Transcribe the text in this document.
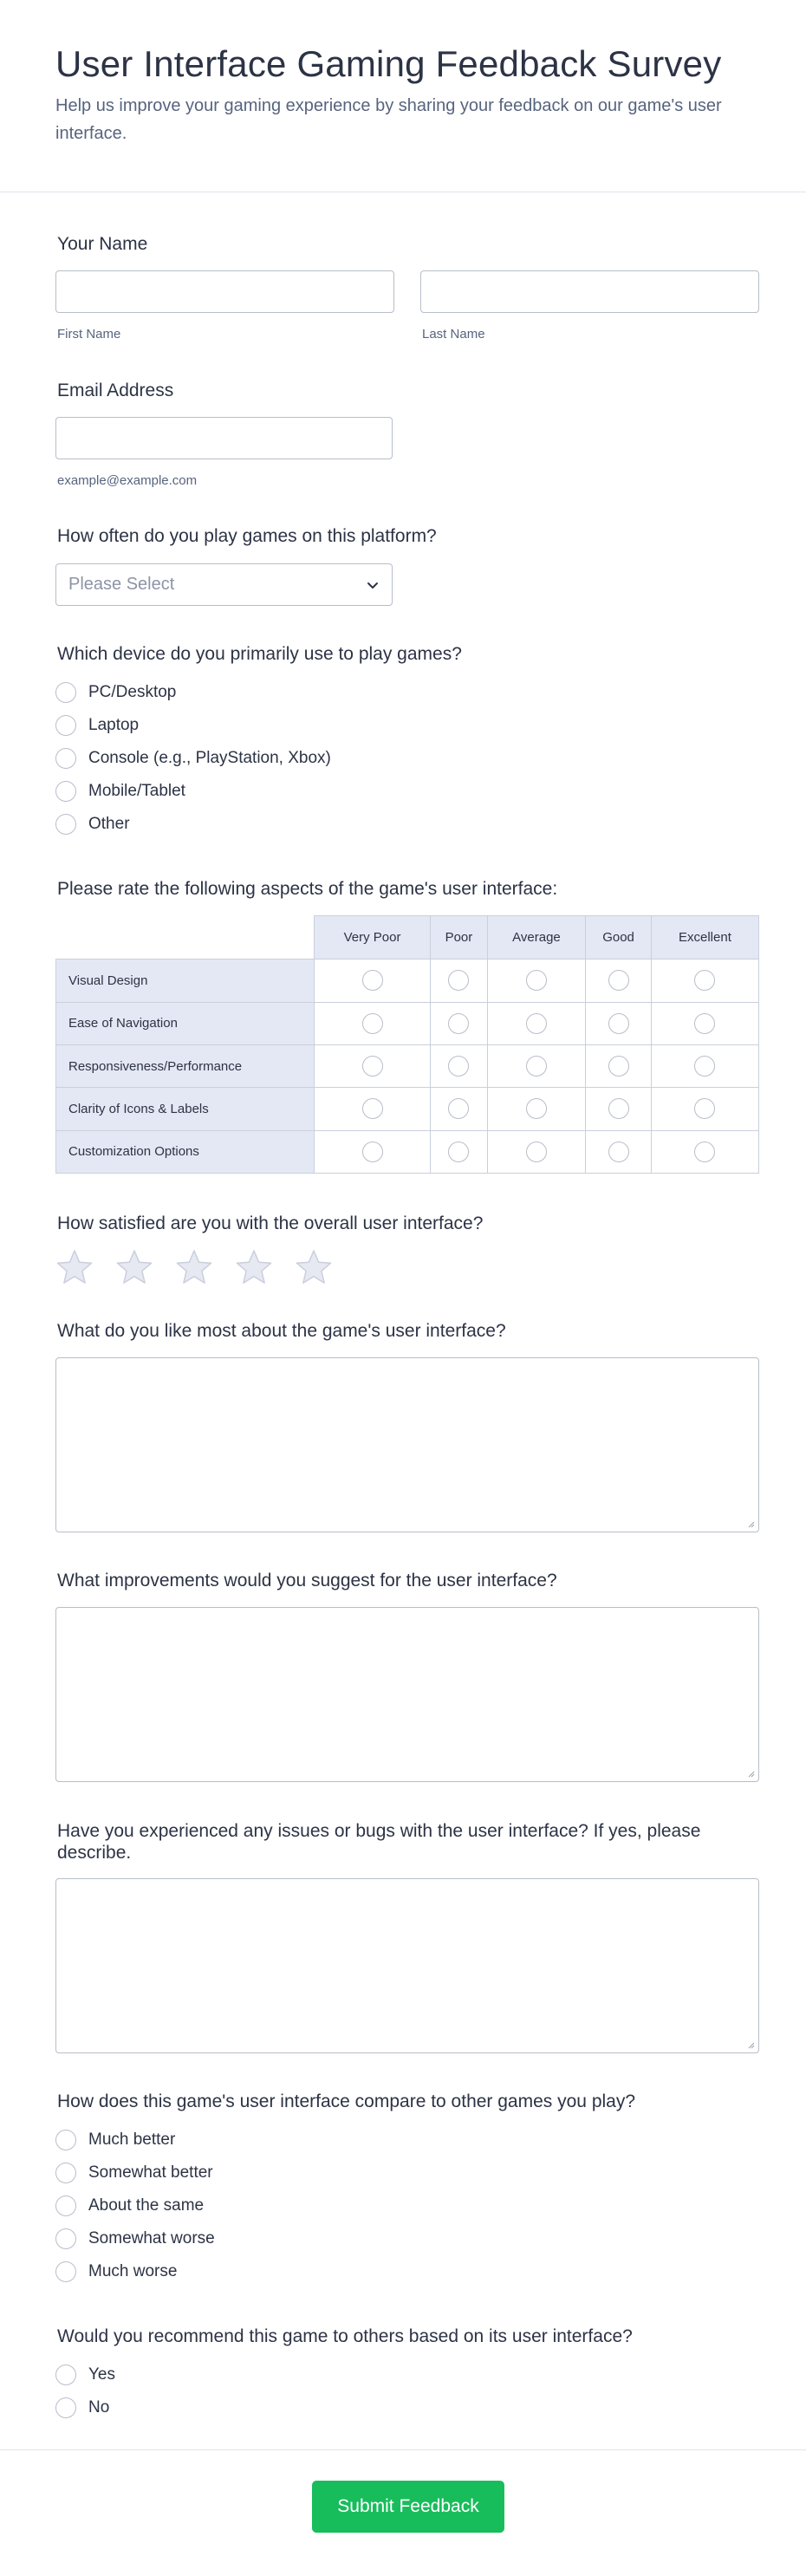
User Interface Gaming Feedback Survey

Help us improve your gaming experience by sharing your feedback on our game's user interface.

Your Name
First Name	Last Name
Email Address
example@example.com
How often do you play games on this platform?
Please Select
Which device do you primarily use to play games?
PC/Desktop
Laptop
Console (e.g., PlayStation, Xbox)
Mobile/Tablet
Other
Please rate the following aspects of the game's user interface:
	Very Poor	Poor	Average	Good	Excellent
Visual Design					
Ease of Navigation					
Responsiveness/Performance					
Clarity of Icons & Labels					
Customization Options					
How satisfied are you with the overall user interface?
What do you like most about the game's user interface?
What improvements would you suggest for the user interface?
Have you experienced any issues or bugs with the user interface? If yes, please describe.
How does this game's user interface compare to other games you play?
Much better
Somewhat better
About the same
Somewhat worse
Much worse
Would you recommend this game to others based on its user interface?
Yes
No
Submit Feedback
